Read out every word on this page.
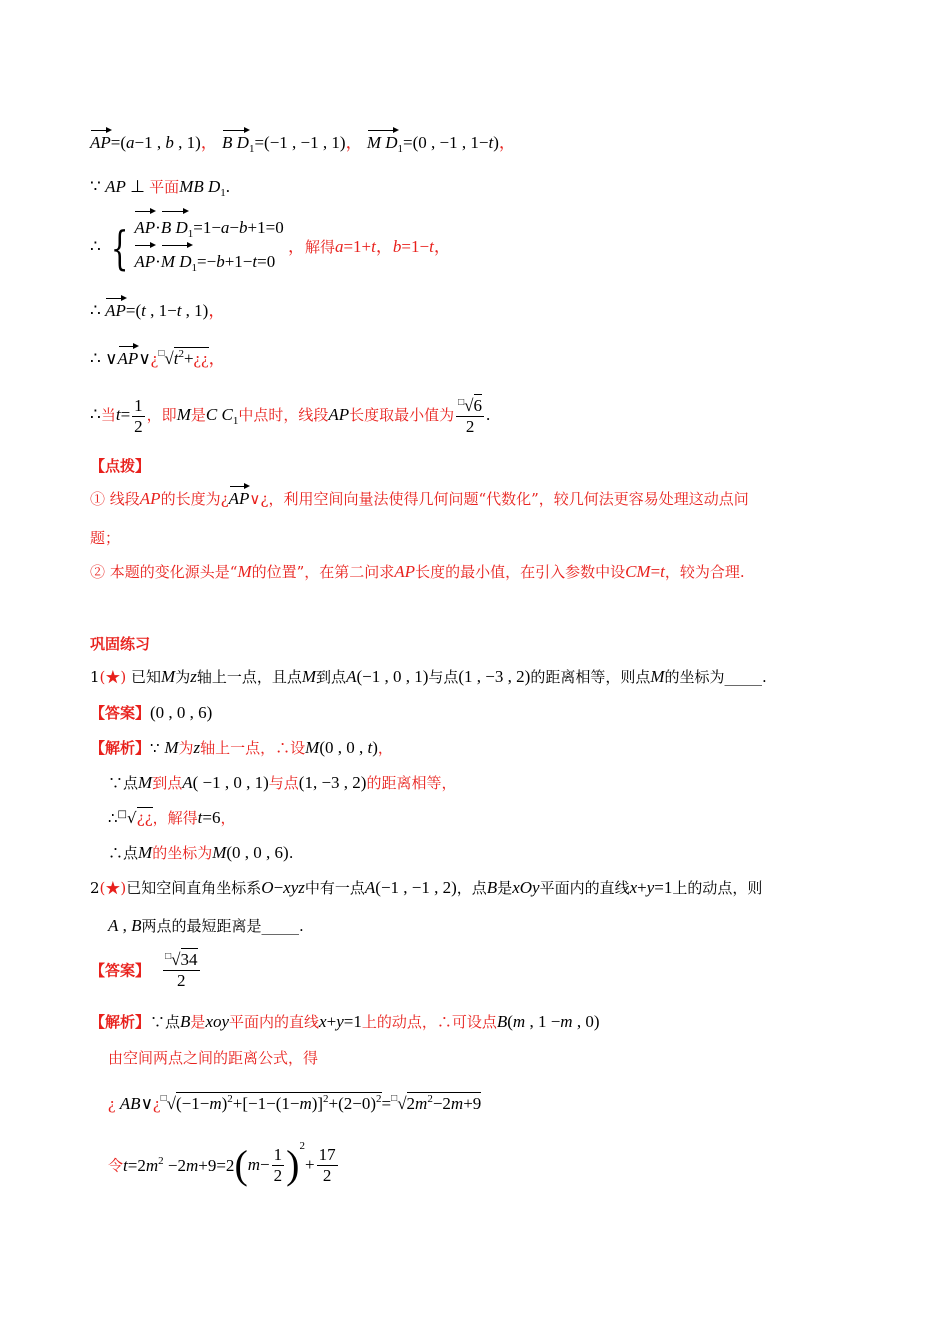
AP=(a−1 , b , 1)， B $D_1=(-1$ , −1 , 1)， M $D_1=(0$ , −1 , 1−t)，
∵ AP ⊥ 平面MB $D_1$.
∴ { AP·B $D_1=1-a-b+1=0$
AP·M $D_1=-b+1-t=0$
，解得a=1+t，b=1−t，
∴ AP=(t , 1−t , 1)，
∴ $\vee AP\vee¿^□√t^2+¿¿$，
∴当$t= \frac{1}{2}$ ，即M是C $C_1$中点时，线段AP长度取最小值为 $\frac{^□√6}{2}$ .
【点拨】
① 线段AP的长度为¿AP∨¿，利用空间向量法使得几何问题“代数化”，较几何法更容易处理这动点问
题；
② 本题的变化源头是“M的位置”，在第二问求AP长度的最小值，在引入参数中设CM=t，较为合理.
巩固练习
1(★) 已知M为z轴上一点，且点M到点A(−1 , 0 , 1)与点(1 , −3 , 2)的距离相等，则点M的坐标为_____.
【答案】(0 , 0 , 6)
【解析】∵ M为z轴上一点，∴设M(0 , 0 , t)，
∵点M到点A( −1 , 0 , 1)与点(1, −3 , 2)的距离相等，
∴□√¿¿，解得t=6，
∴点M的坐标为M(0 , 0 , 6).
2(★)已知空间直角坐标系O−xyz中有一点A(−1 , −1 , 2)，点B是xOy平面内的直线x+y=1上的动点，则
A , B两点的最短距离是_____.
【答案】 $\frac{^□√34}{2}$
【解析】∵点B是xoy平面内的直线x+y=1上的动点，∴可设点B(m , 1 −m , 0)
由空间两点之间的距离公式，得
¿ $AB\vee¿^□√(-1-m)^2+[-1-(1-m)]^2+(2-0)^2=^□√2m^2-2m+9$
令$t=2m^2 -2m+9=2(m- \frac{1}{2} )^2+ \frac{17}{2}$
